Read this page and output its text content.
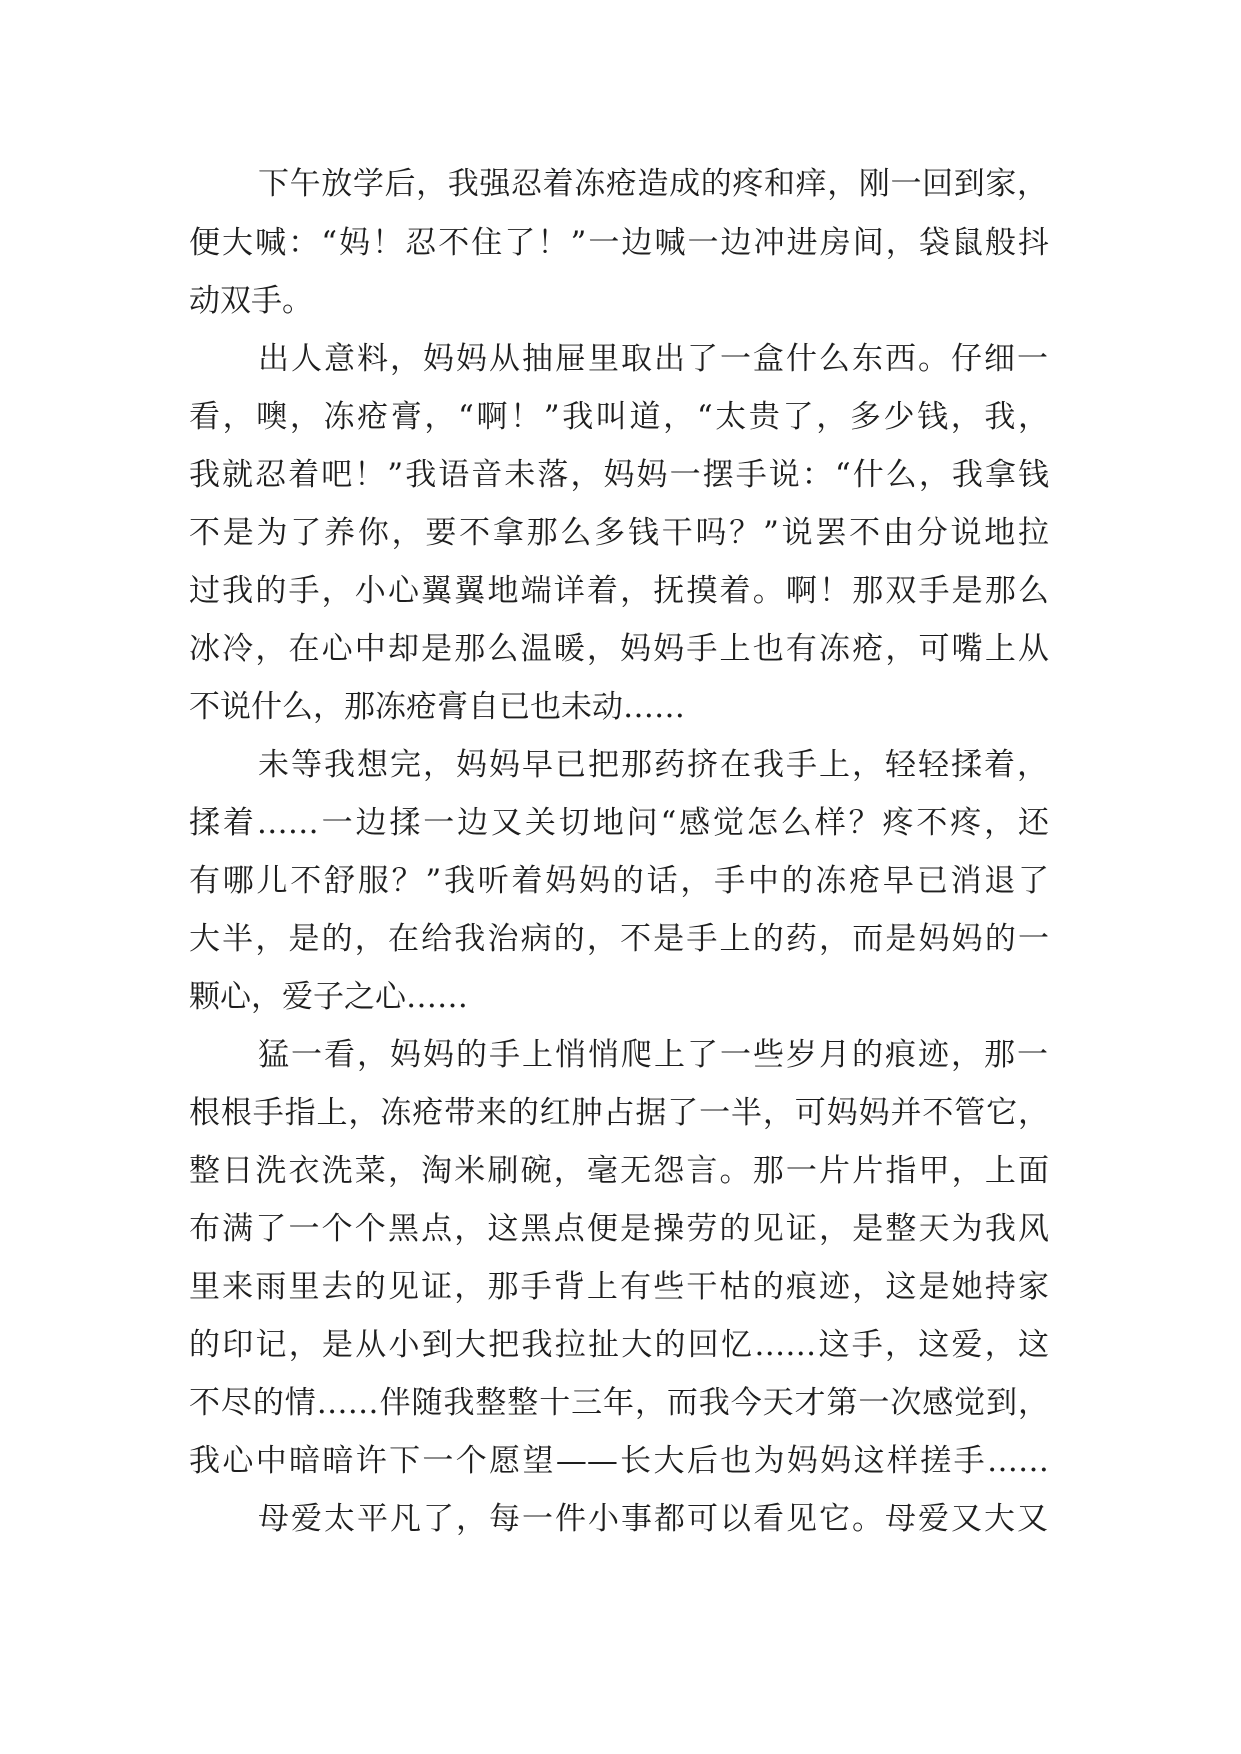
下午放学后，我强忍着冻疮造成的疼和痒，刚一回到家，
便大喊：“妈！忍不住了！”一边喊一边冲进房间，袋鼠般抖
动双手。
出人意料，妈妈从抽屉里取出了一盒什么东西。仔细一
看，噢，冻疮膏，“啊！”我叫道，“太贵了，多少钱，我，
我就忍着吧！”我语音未落，妈妈一摆手说：“什么，我拿钱
不是为了养你，要不拿那么多钱干吗？”说罢不由分说地拉
过我的手，小心翼翼地端详着，抚摸着。啊！那双手是那么
冰冷，在心中却是那么温暖，妈妈手上也有冻疮，可嘴上从
不说什么，那冻疮膏自已也未动……
未等我想完，妈妈早已把那药挤在我手上，轻轻揉着，
揉着……一边揉一边又关切地问“感觉怎么样？疼不疼，还
有哪儿不舒服？”我听着妈妈的话，手中的冻疮早已消退了
大半，是的，在给我治病的，不是手上的药，而是妈妈的一
颗心，爱子之心……
猛一看，妈妈的手上悄悄爬上了一些岁月的痕迹，那一
根根手指上，冻疮带来的红肿占据了一半，可妈妈并不管它，
整日洗衣洗菜，淘米刷碗，毫无怨言。那一片片指甲，上面
布满了一个个黑点，这黑点便是操劳的见证，是整天为我风
里来雨里去的见证，那手背上有些干枯的痕迹，这是她持家
的印记，是从小到大把我拉扯大的回忆……这手，这爱，这
不尽的情……伴随我整整十三年，而我今天才第一次感觉到，
我心中暗暗许下一个愿望——长大后也为妈妈这样搓手……
母爱太平凡了，每一件小事都可以看见它。母爱又大又
